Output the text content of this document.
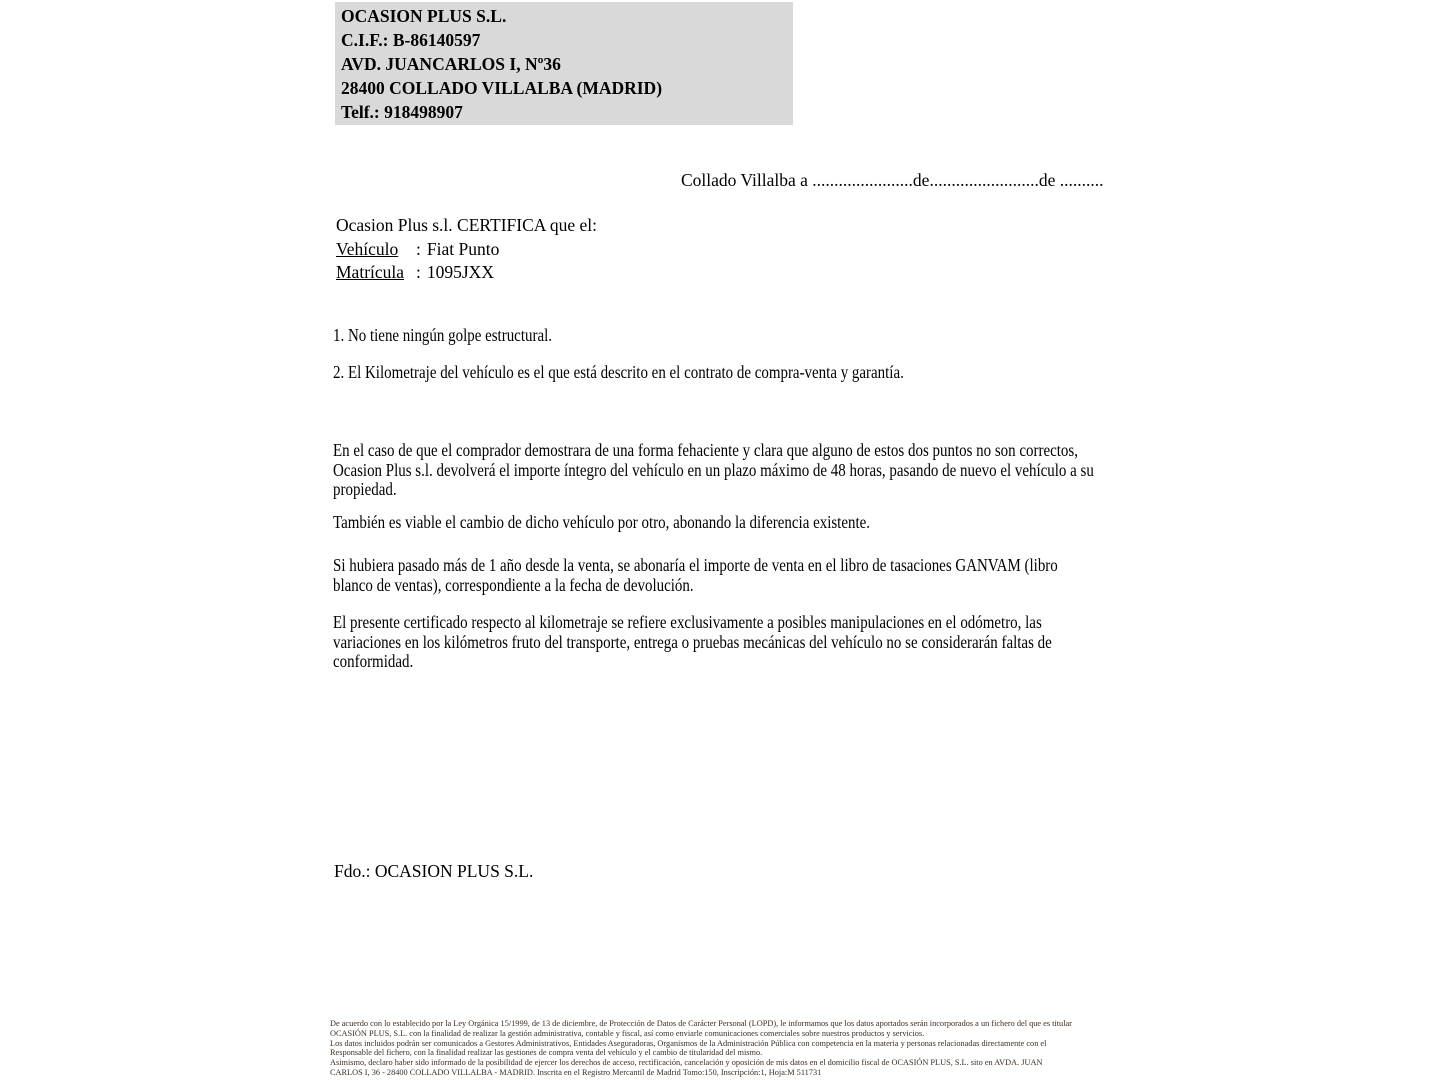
OCASION PLUS S.L.
C.I.F.: B-86140597
AVD. JUANCARLOS I, Nº36
28400 COLLADO VILLALBA (MADRID)
Telf.: 918498907
Collado Villalba a .......................de.........................de ..........
Ocasion Plus s.l. CERTIFICA que el:
Vehículo	: Fiat Punto
Matrícula : 1095JXX
1. No tiene ningún golpe estructural.
2. El Kilometraje del vehículo es el que está descrito en el contrato de compra-venta y garantía.
En el caso de que el comprador demostrara de una forma fehaciente y clara que alguno de estos dos puntos no son correctos, Ocasion Plus s.l. devolverá el importe íntegro del vehículo en un plazo máximo de 48 horas, pasando de nuevo el vehículo a su propiedad.
También es viable el cambio de dicho vehículo por otro, abonando la diferencia existente.
Si hubiera pasado más de 1 año desde la venta, se abonaría el importe de venta en el libro de tasaciones GANVAM (libro blanco de ventas), correspondiente a la fecha de devolución.
El presente certificado respecto al kilometraje se refiere exclusivamente a posibles manipulaciones en el odómetro, las variaciones en los kilómetros fruto del transporte, entrega o pruebas mecánicas del vehículo no se considerarán faltas de conformidad.
Fdo.: OCASION PLUS S.L.
De acuerdo con lo establecido por la Ley Orgánica 15/1999, de 13 de diciembre, de Protección de Datos de Carácter Personal (LOPD), le informamos que los datos aportados serán incorporados a un fichero del que es titular
OCASIÓN PLUS, S.L. con la finalidad de realizar la gestión administrativa, contable y fiscal, así como enviarle comunicaciones comerciales sobre nuestros productos y servicios.
Los datos incluidos podrán ser comunicados a Gestores Administrativos, Entidades Aseguradoras, Organismos de la Administración Pública con competencia en la materia y personas relacionadas directamente con el
Responsable del fichero, con la finalidad realizar las gestiones de compra venta del vehículo y el cambio de titularidad del mismo.
Asimismo, declaro haber sido informado de la posibilidad de ejercer los derechos de acceso, rectificación, cancelación y oposición de mis datos en el domicilio fiscal de OCASIÓN PLUS, S.L. sito en AVDA. JUAN
CARLOS I, 36 - 28400 COLLADO VILLALBA - MADRID. Inscrita en el Registro Mercantil de Madrid Tomo:150, Inscripción:1, Hoja:M 511731
